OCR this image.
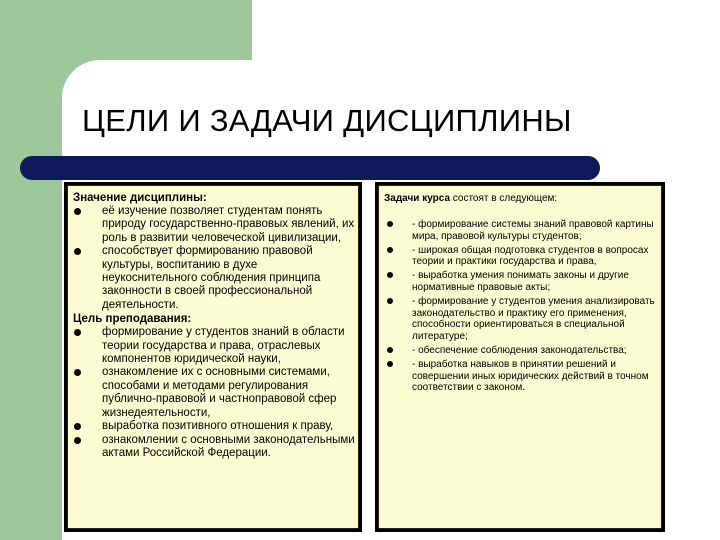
ЦЕЛИ И ЗАДАЧИ ДИСЦИПЛИНЫ
Значение дисциплины:
её изучение позволяет студентам понять природу государственно-правовых явлений, их роль в развитии человеческой цивилизации,
способствует формированию правовой культуры, воспитанию в духе неукоснительного соблюдения принципа законности в своей профессиональной деятельности.
Цель преподавания:
формирование у студентов знаний в области теории государства и права, отраслевых компонентов юридической науки,
ознакомление их с основными системами, способами и методами регулирования публично-правовой и частноправовой сфер жизнедеятельности,
выработка позитивного отношения к праву,
ознакомлении с основными законодательными актами Российской Федерации.
Задачи курса состоят в следующем:
- формирование системы знаний правовой картины мира, правовой культуры студентов;
- широкая общая подготовка студентов в вопросах теории и практики государства и права,
- выработка умения понимать законы и другие нормативные правовые акты;
- формирование у студентов умения анализировать законодательство и практику его применения, способности ориентироваться в специальной литературе;
- обеспечение соблюдения законодательства;
- выработка навыков в принятии решений и совершении иных юридических действий в точном соответствии с законом.
